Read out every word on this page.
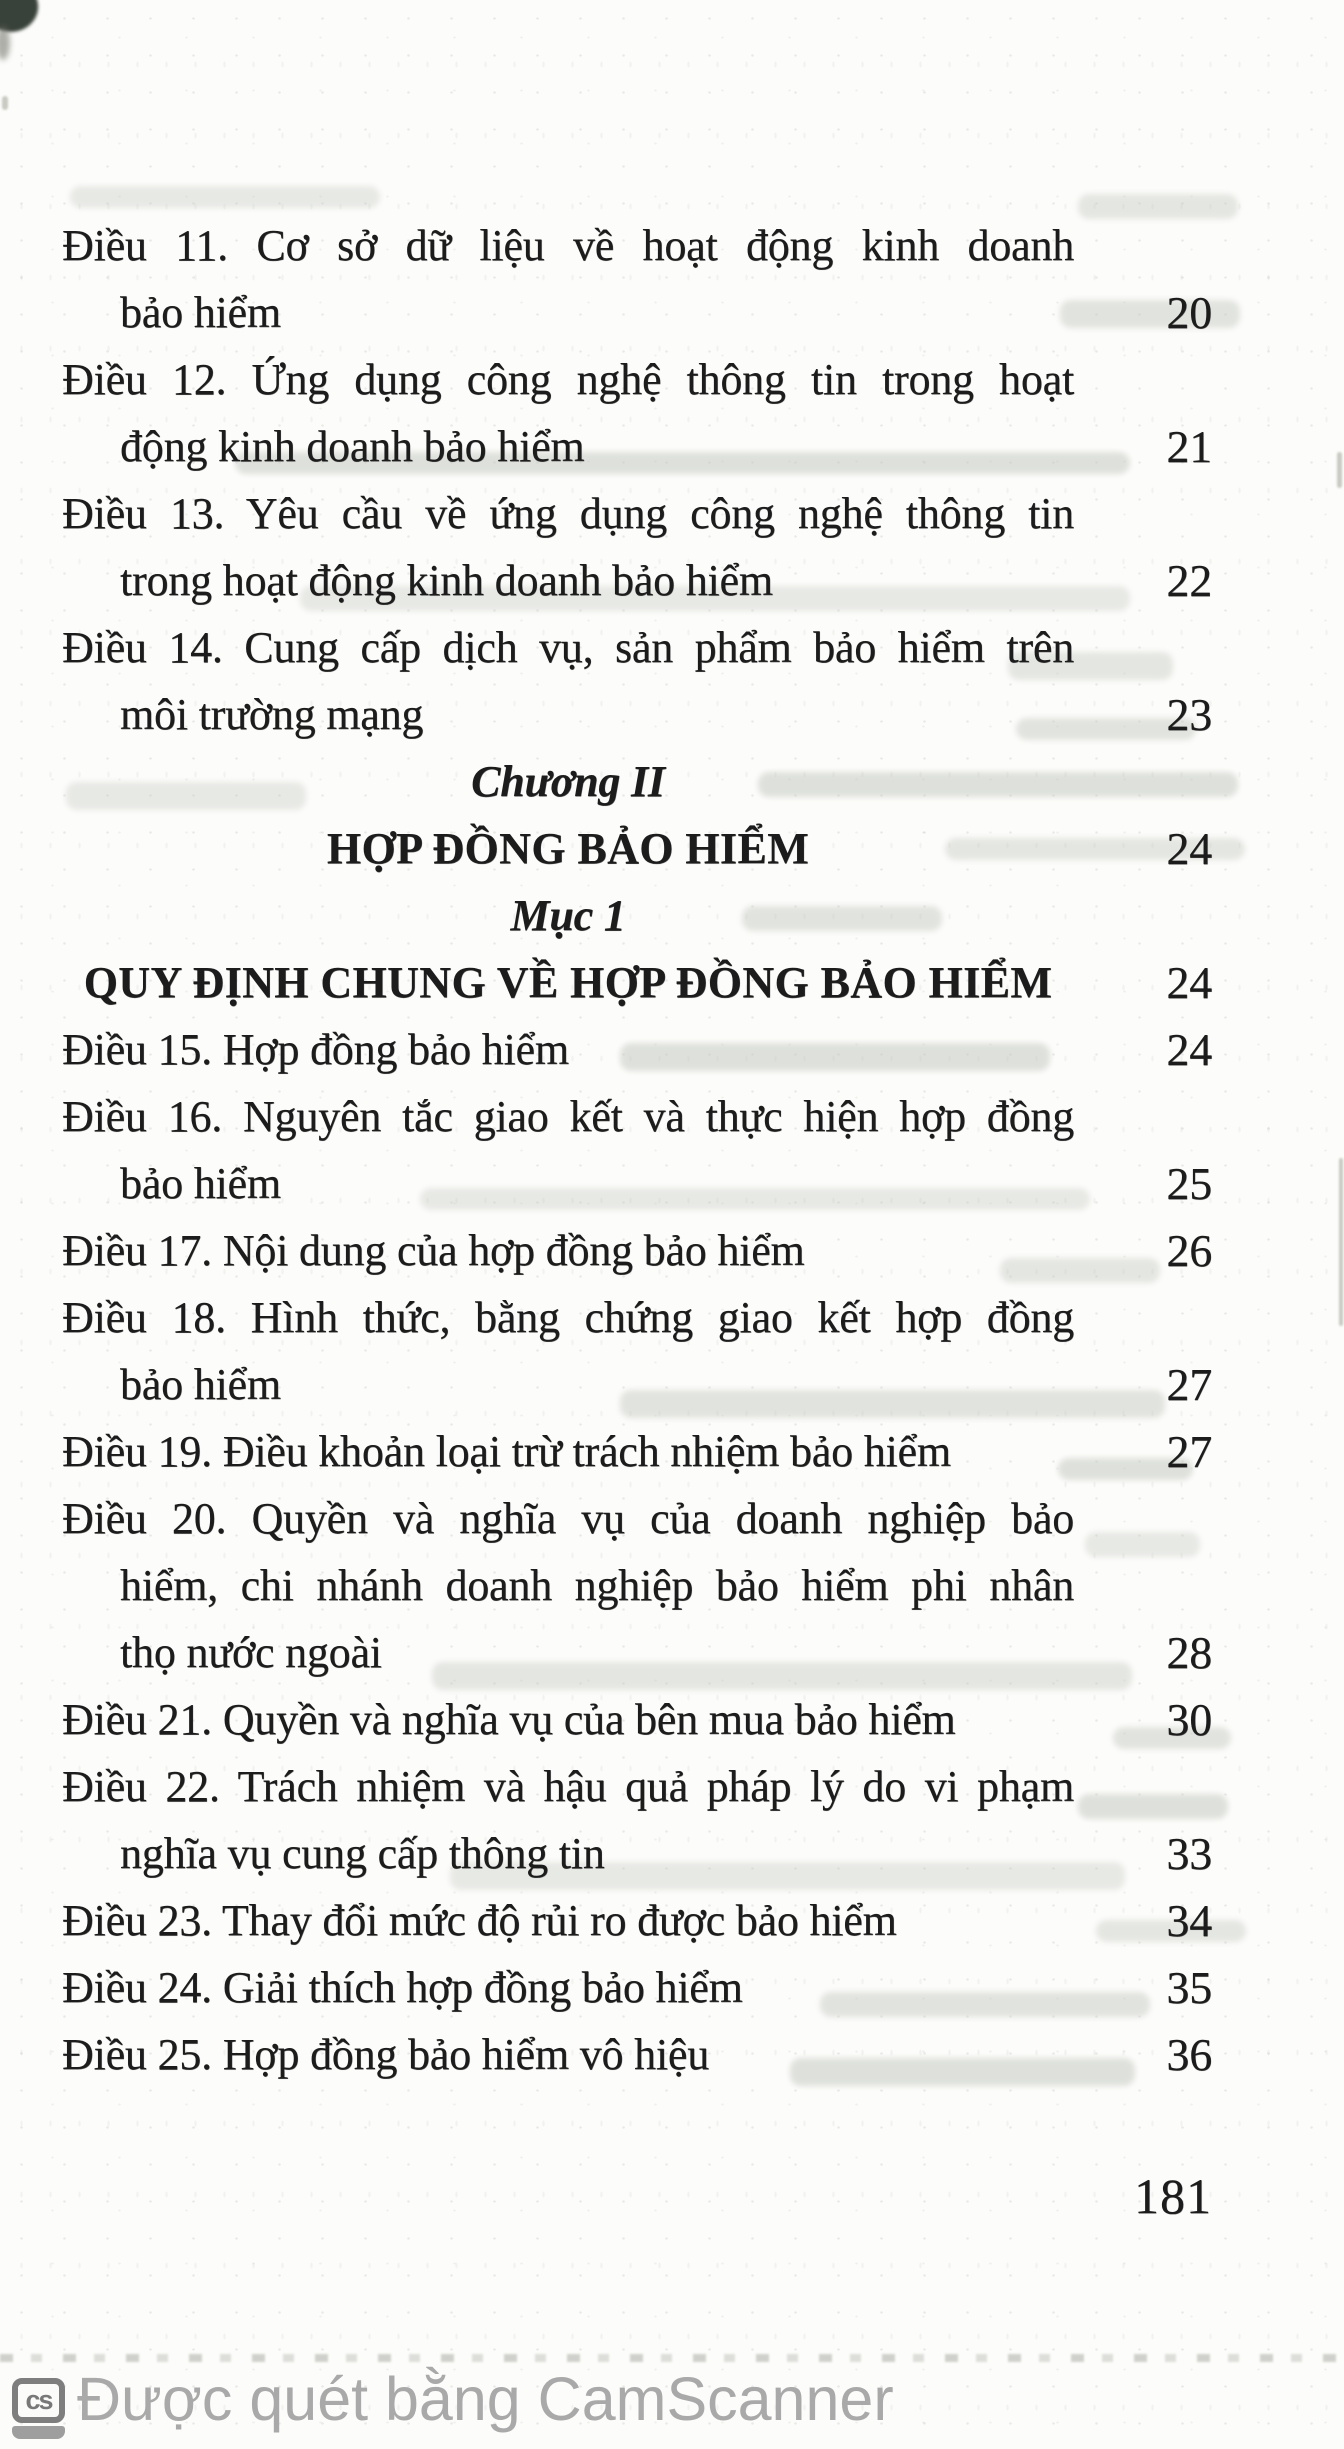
Điều 11. Cơ sở dữ liệu về hoạt động kinh doanh
bảo hiểm	20
Điều 12. Ứng dụng công nghệ thông tin trong hoạt
động kinh doanh bảo hiểm	21
Điều 13. Yêu cầu về ứng dụng công nghệ thông tin
trong hoạt động kinh doanh bảo hiểm	22
Điều 14. Cung cấp dịch vụ, sản phẩm bảo hiểm trên
môi trường mạng	23
Chương II
HỢP ĐỒNG BẢO HIỂM	24
Mục 1
QUY ĐỊNH CHUNG VỀ HỢP ĐỒNG BẢO HIỂM	24
Điều 15. Hợp đồng bảo hiểm	24
Điều 16. Nguyên tắc giao kết và thực hiện hợp đồng
bảo hiểm	25
Điều 17. Nội dung của hợp đồng bảo hiểm	26
Điều 18. Hình thức, bằng chứng giao kết hợp đồng
bảo hiểm	27
Điều 19. Điều khoản loại trừ trách nhiệm bảo hiểm	27
Điều 20. Quyền và nghĩa vụ của doanh nghiệp bảo
hiểm, chi nhánh doanh nghiệp bảo hiểm phi nhân
thọ nước ngoài	28
Điều 21. Quyền và nghĩa vụ của bên mua bảo hiểm	30
Điều 22. Trách nhiệm và hậu quả pháp lý do vi phạm
nghĩa vụ cung cấp thông tin	33
Điều 23. Thay đổi mức độ rủi ro được bảo hiểm	34
Điều 24. Giải thích hợp đồng bảo hiểm	35
Điều 25. Hợp đồng bảo hiểm vô hiệu	36
181
cs Được quét bằng CamScanner
